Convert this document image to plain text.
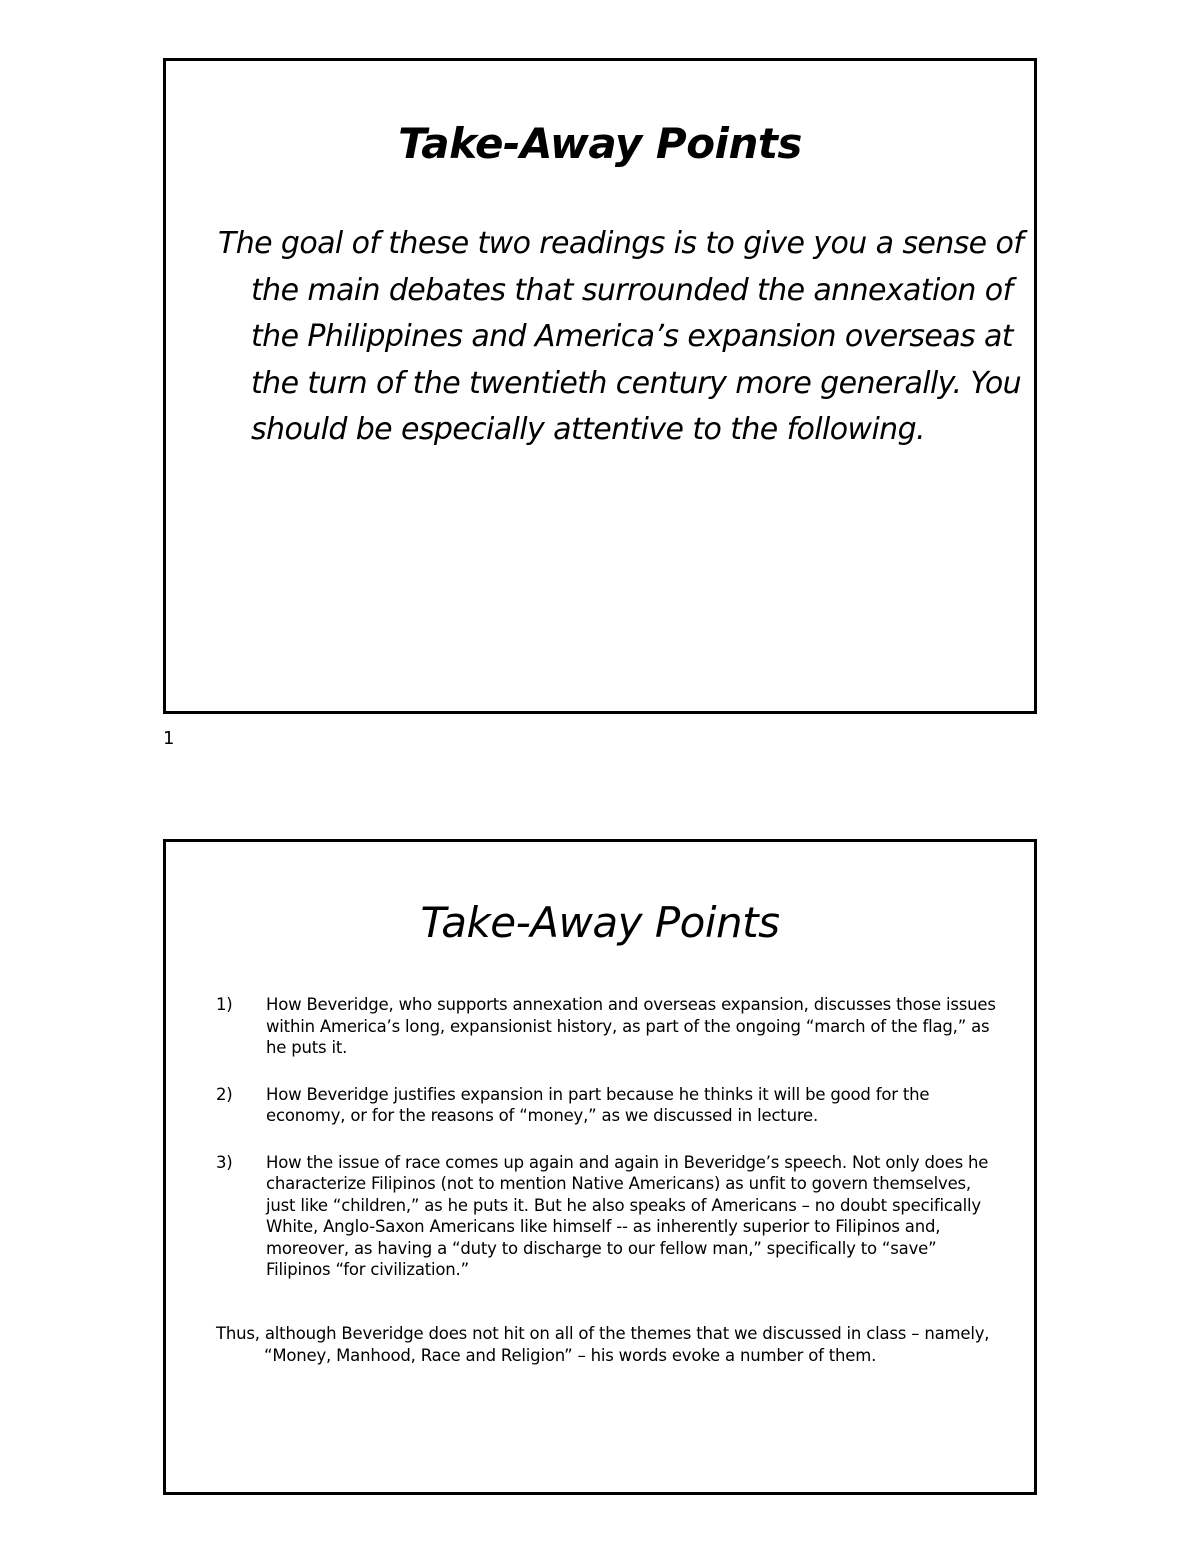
Take-Away Points

The goal of these two readings is to give you a sense of the main debates that surrounded the annexation of the Philippines and America’s expansion overseas at the turn of the twentieth century more generally. You should be especially attentive to the following.

1
Take-Away Points
1) How Beveridge, who supports annexation and overseas expansion, discusses those issues within America’s long, expansionist history, as part of the ongoing “march of the flag,” as he puts it.
2) How Beveridge justifies expansion in part because he thinks it will be good for the economy, or for the reasons of “money,” as we discussed in lecture.
3) How the issue of race comes up again and again in Beveridge’s speech. Not only does he characterize Filipinos (not to mention Native Americans) as unfit to govern themselves, just like “children,” as he puts it. But he also speaks of Americans – no doubt specifically White, Anglo-Saxon Americans like himself -- as inherently superior to Filipinos and, moreover, as having a “duty to discharge to our fellow man,” specifically to “save” Filipinos “for civilization.”

Thus, although Beveridge does not hit on all of the themes that we discussed in class – namely, “Money, Manhood, Race and Religion” – his words evoke a number of them.
